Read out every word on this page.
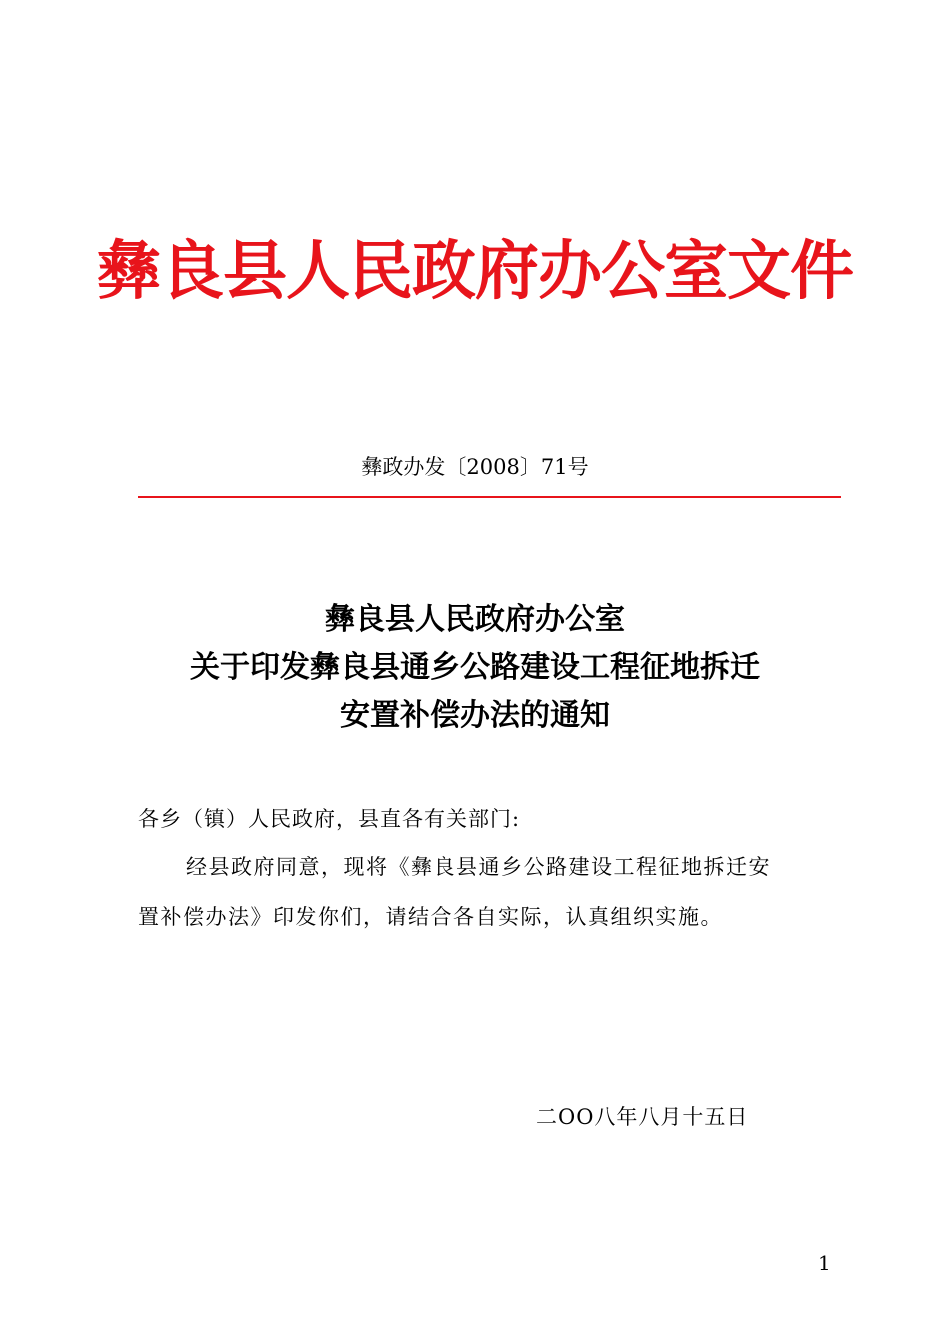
彝良县人民政府办公室文件
彝政办发〔2008〕71号
彝良县人民政府办公室
关于印发彝良县通乡公路建设工程征地拆迁
安置补偿办法的通知
各乡（镇）人民政府，县直各有关部门:
经县政府同意，现将《彝良县通乡公路建设工程征地拆迁安
置补偿办法》印发你们，请结合各自实际，认真组织实施。
二OO八年八月十五日
1
